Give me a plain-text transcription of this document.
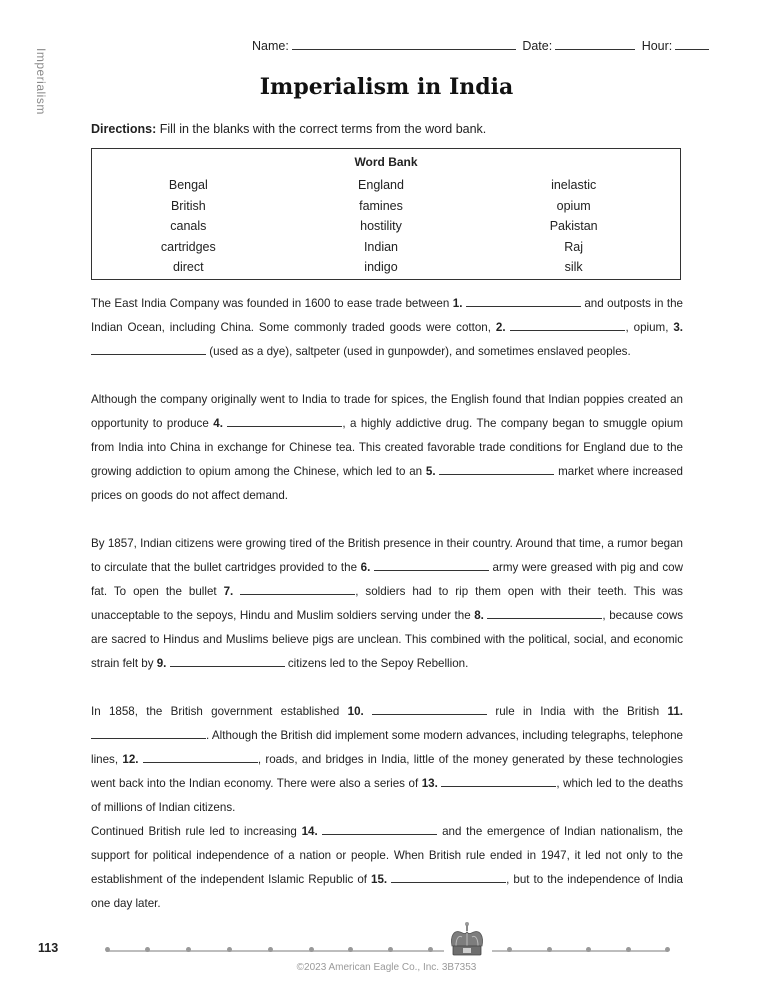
Imperialism
Name:	Date:	Hour:
Imperialism in India
Directions: Fill in the blanks with the correct terms from the word bank.
Word Bank
Bengal	England	inelastic
British	famines	opium
canals	hostility	Pakistan
cartridges	Indian	Raj
direct	indigo	silk
The East India Company was founded in 1600 to ease trade between 1.	and outposts in the Indian Ocean, including China. Some commonly traded goods were cotton, 2.	, opium, 3.  (used as a dye), saltpeter (used in gunpowder), and sometimes enslaved peoples.
Although the company originally went to India to trade for spices, the English found that Indian poppies created an opportunity to produce 4.	, a highly addictive drug. The company began to smuggle opium from India into China in exchange for Chinese tea. This created favorable trade conditions for England due to the growing addiction to opium among the Chinese, which led to an 5.	market where increased prices on goods do not affect demand.
By 1857, Indian citizens were growing tired of the British presence in their country. Around that time, a rumor began to circulate that the bullet cartridges provided to the 6.	army were greased with pig and cow fat. To open the bullet 7.	, soldiers had to rip them open with their teeth. This was unacceptable to the sepoys, Hindu and Muslim soldiers serving under the 8.	, because cows are sacred to Hindus and Muslims believe pigs are unclean. This combined with the political, social, and economic strain felt by 9.	citizens led to the Sepoy Rebellion.
In 1858, the British government established 10.	rule in India with the British 11. . Although the British did implement some modern advances, including telegraphs, telephone lines, 12.	, roads, and bridges in India, little of the money generated by these technologies went back into the Indian economy. There were also a series of 13.	, which led to the deaths of millions of Indian citizens.
Continued British rule led to increasing 14.	and the emergence of Indian nationalism, the support for political independence of a nation or people. When British rule ended in 1947, it led not only to the establishment of the independent Islamic Republic of 15.	, but to the independence of India one day later.
113
©2023 American Eagle Co., Inc. 3B7353
